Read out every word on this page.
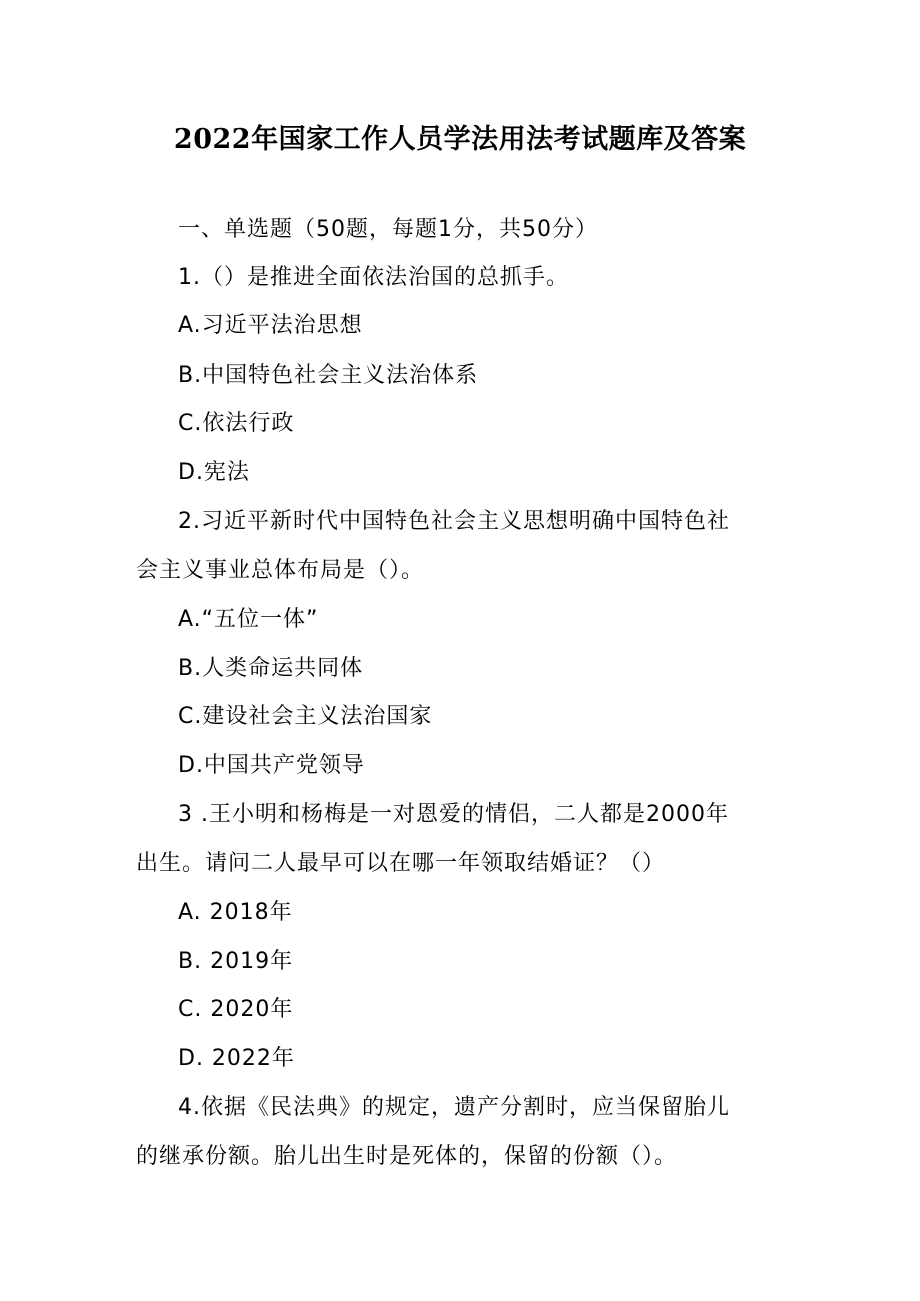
2022年国家工作人员学法用法考试题库及答案

一、单选题（50题，每题1分，共50分）

1.（）是推进全面依法治国的总抓手。

A.习近平法治思想

B.中国特色社会主义法治体系

C.依法行政

D.宪法

2.习近平新时代中国特色社会主义思想明确中国特色社

会主义事业总体布局是（）。

A.“五位一体”

B.人类命运共同体

C.建设社会主义法治国家

D.中国共产党领导

3 .王小明和杨梅是一对恩爱的情侣，二人都是2000年

出生。请问二人最早可以在哪一年领取结婚证？（）

A. 2018年

B. 2019年

C. 2020年

D. 2022年

4.依据《民法典》的规定，遗产分割时，应当保留胎儿

的继承份额。胎儿出生时是死体的，保留的份额（）。
